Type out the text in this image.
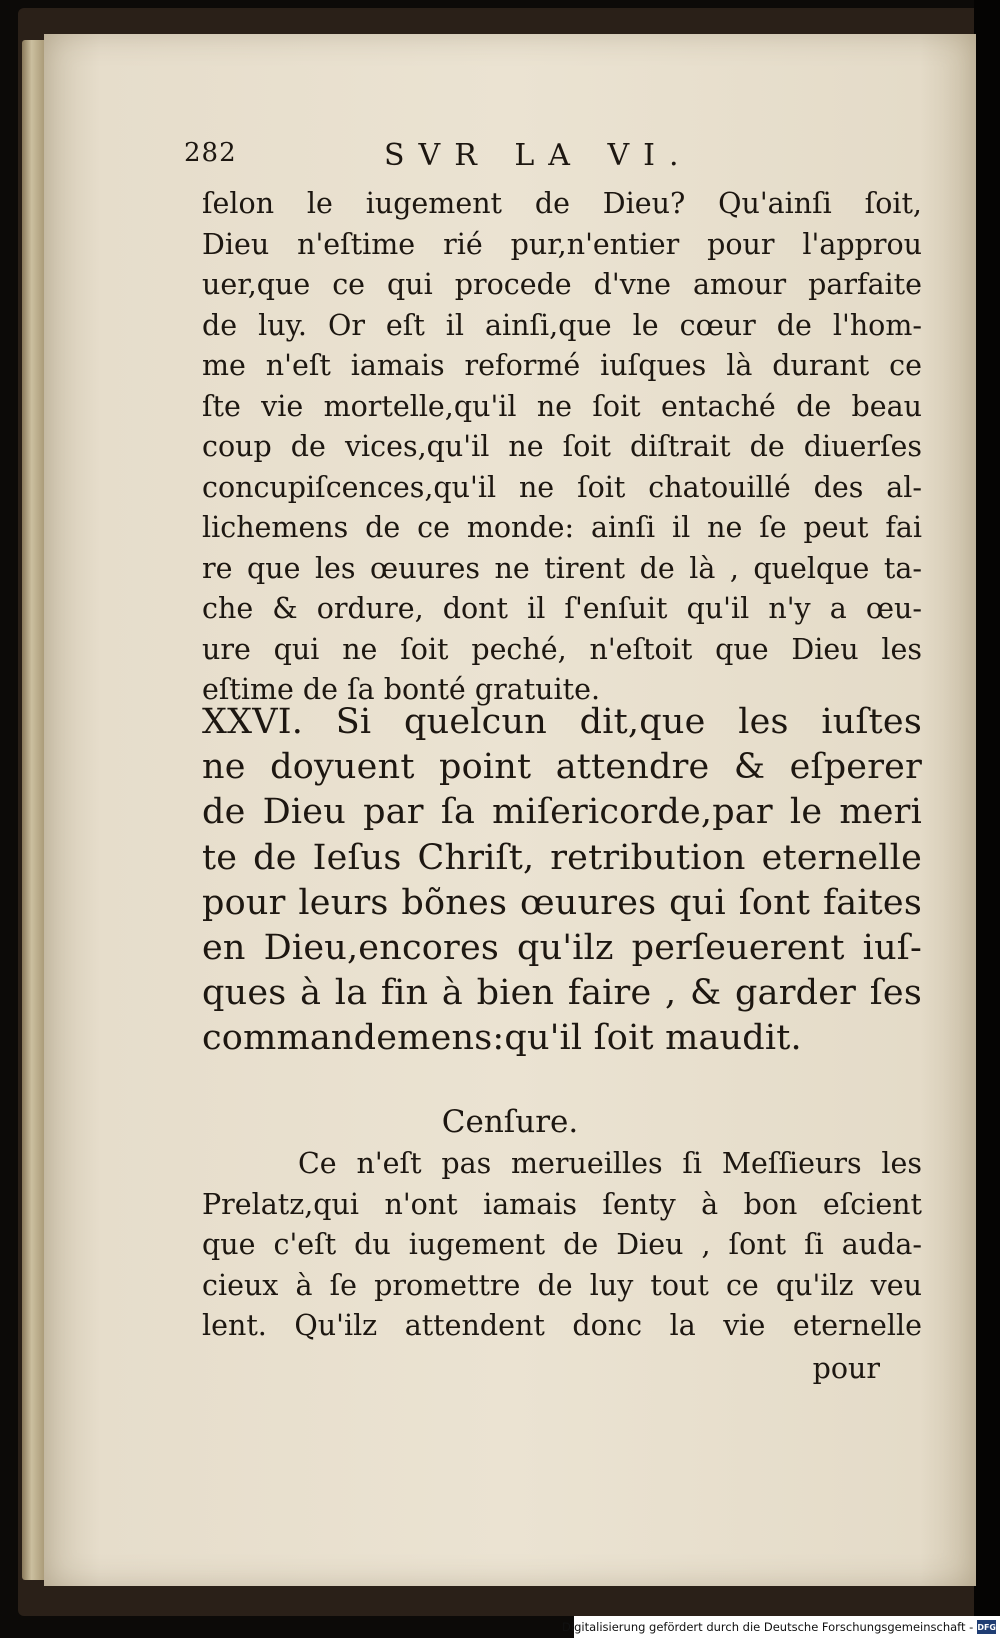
282	SVR LA VI.
ſelon le iugement de Dieu? Qu'ainſi ſoit,
Dieu n'eſtime rié pur,n'entier pour l'approu
uer,que ce qui procede d'vne amour parfaite
de luy. Or eſt il ainſi,que le cœur de l'hom-
me n'eſt iamais reformé iuſques là durant ce
ſte vie mortelle,qu'il ne ſoit entaché de beau
coup de vices,qu'il ne ſoit diſtrait de diuerſes
concupiſcences,qu'il ne ſoit chatouillé des al-
lichemens de ce monde: ainſi il ne ſe peut fai
re que les œuures ne tirent de là , quelque ta-
che & ordure, dont il ſ'enſuit qu'il n'y a œu-
ure qui ne ſoit peché, n'eſtoit que Dieu les
eſtime de ſa bonté gratuite.
XXVI. Si quelcun dit,que les iuſtes
ne doyuent point attendre & eſperer
de Dieu par ſa miſericorde,par le meri
te de Ieſus Chriſt, retribution eternelle
pour leurs bõnes œuures qui ſont faites
en Dieu,encores qu'ilz perſeuerent iuſ-
ques à la fin à bien faire , & garder ſes
commandemens:qu'il ſoit maudit.
Cenſure.
Ce n'eſt pas merueilles ſi Meſſieurs les
Prelatz,qui n'ont iamais ſenty à bon eſcient
que c'eſt du iugement de Dieu , ſont ſi auda-
cieux à ſe promettre de luy tout ce qu'ilz veu
lent. Qu'ilz attendent donc la vie eternelle
pour
Digitalisierung gefördert durch die Deutsche Forschungsgemeinschaft - DFG
